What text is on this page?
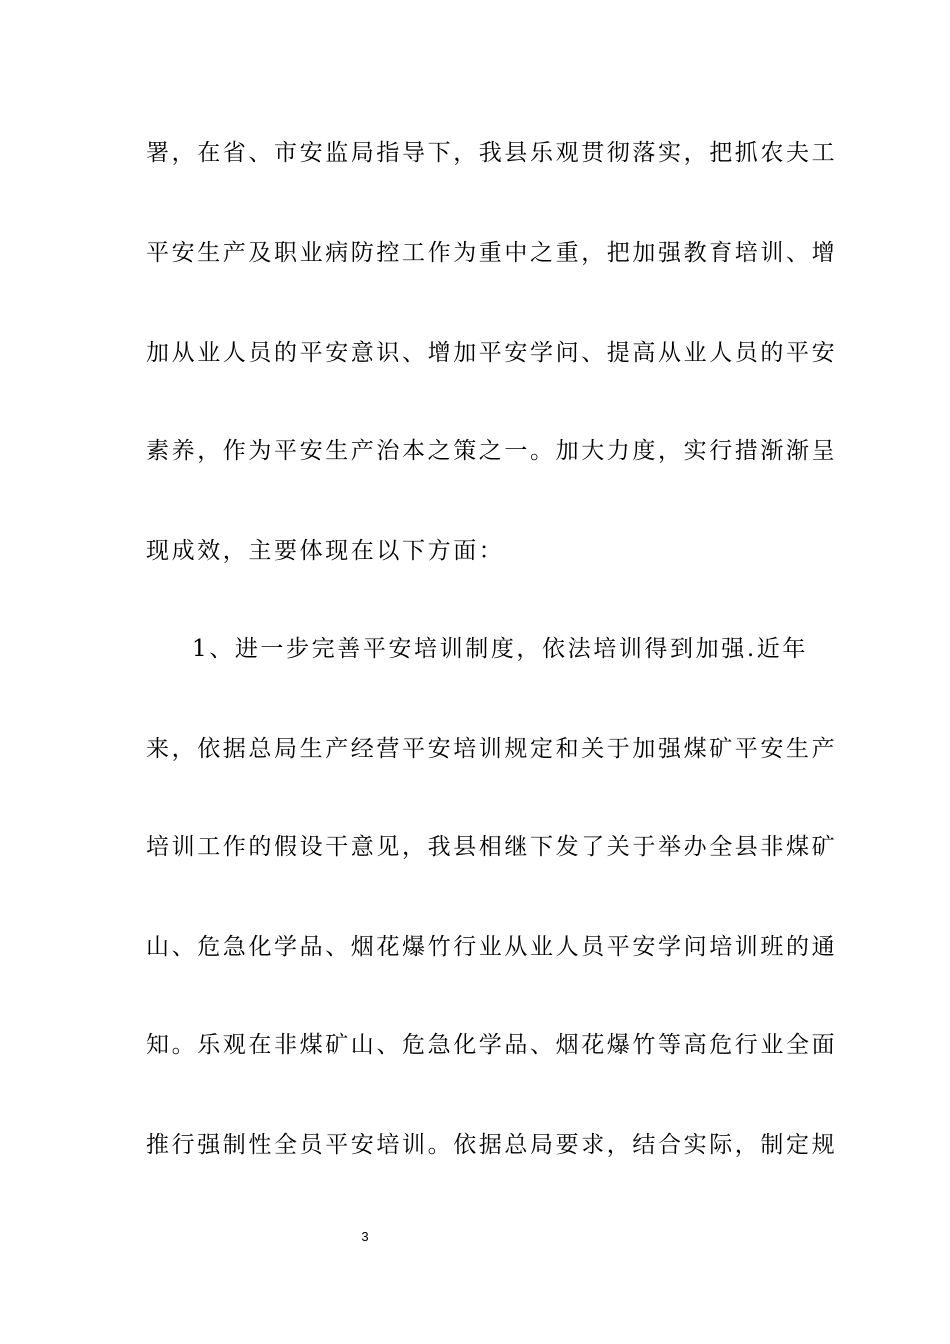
署，在省、市安监局指导下，我县乐观贯彻落实，把抓农夫工
平安生产及职业病防控工作为重中之重，把加强教育培训、增
加从业人员的平安意识、增加平安学问、提高从业人员的平安
素养，作为平安生产治本之策之一。加大力度，实行措渐渐呈
现成效，主要体现在以下方面：
1、进一步完善平安培训制度，依法培训得到加强.近年
来，依据总局生产经营平安培训规定和关于加强煤矿平安生产
培训工作的假设干意见，我县相继下发了关于举办全县非煤矿
山、危急化学品、烟花爆竹行业从业人员平安学问培训班的通
知。乐观在非煤矿山、危急化学品、烟花爆竹等高危行业全面
推行强制性全员平安培训。依据总局要求，结合实际，制定规
3
